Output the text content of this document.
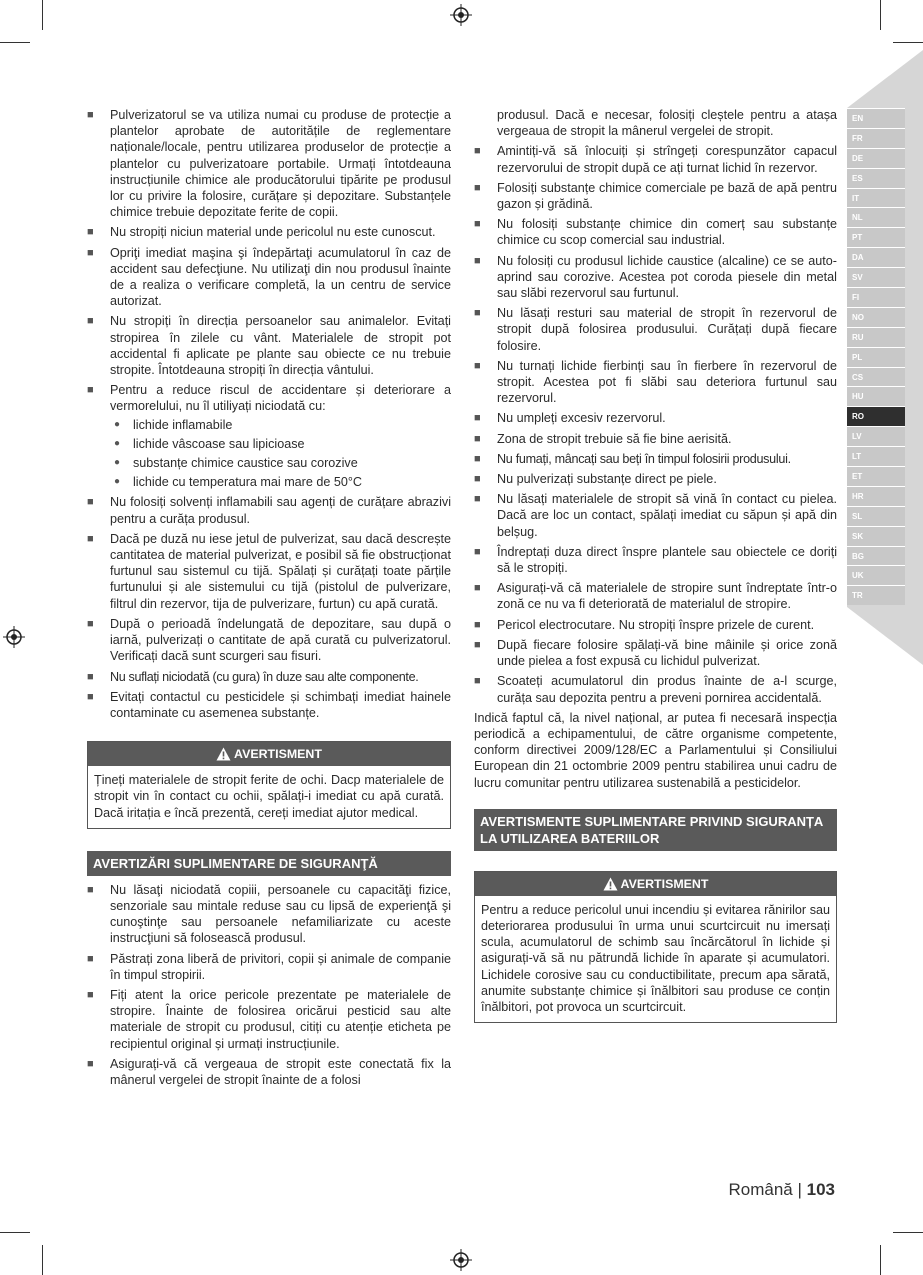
EN
FR
DE
ES
IT
NL
PT
DA
SV
FI
NO
RU
PL
CS
HU
RO
LV
LT
ET
HR
SL
SK
BG
UK
TR
■ Pulverizatorul se va utiliza numai cu produse de protecție a plantelor aprobate de autoritățile de reglementare naționale/locale, pentru utilizarea produselor de protecție a plantelor cu pulverizatoare portabile. Urmați întotdeauna instrucțiunile chimice ale producătorului tipărite pe produsul lor cu privire la folosire, curățare și depozitare. Substanțele chimice trebuie depozitate ferite de copii.
■ Nu stropiți niciun material unde pericolul nu este cunoscut.
■ Opriţi imediat maşina şi îndepărtaţi acumulatorul în caz de accident sau defecţiune. Nu utilizaţi din nou produsul înainte de a realiza o verificare completă, la un centru de service autorizat.
■ Nu stropiți în direcția persoanelor sau animalelor. Evitați stropirea în zilele cu vânt. Materialele de stropit pot accidental fi aplicate pe plante sau obiecte ce nu trebuie stropite. Întotdeauna stropiți în direcția vântului.
■ Pentru a reduce riscul de accidentare și deteriorare a vermorelului, nu îl utiliyați niciodată cu:
● lichide inflamabile
● lichide vâscoase sau lipicioase
● substanțe chimice caustice sau corozive
● lichide cu temperatura mai mare de 50°C
■ Nu folosiți solvenți inflamabili sau agenți de curățare abrazivi pentru a curăța produsul.
■ Dacă pe duză nu iese jetul de pulverizat, sau dacă descrește cantitatea de material pulverizat, e posibil să fie obstrucționat furtunul sau sistemul cu tijă. Spălați și curățați toate părțile furtunului și ale sistemului cu tijă (pistolul de pulverizare, filtrul din rezervor, tija de pulverizare, furtun) cu apă curată.
■ După o perioadă îndelungată de depozitare, sau după o iarnă, pulverizați o cantitate de apă curată cu pulverizatorul. Verificați dacă sunt scurgeri sau fisuri.
■ Nu suflați niciodată (cu gura) în duze sau alte componente.
■ Evitați contactul cu pesticidele și schimbați imediat hainele contaminate cu asemenea substanțe.
AVERTISMENT
Țineți materialele de stropit ferite de ochi. Dacp materialele de stropit vin în contact cu ochii, spălați-i imediat cu apă curată. Dacă iritația e încă prezentă, cereți imediat ajutor medical.
AVERTIZĂRI SUPLIMENTARE DE SIGURANŢĂ
■ Nu lăsaţi niciodată copiii, persoanele cu capacităţi fizice, senzoriale sau mintale reduse sau cu lipsă de experienţă şi cunoştinţe sau persoanele nefamiliarizate cu aceste instrucţiuni să folosească produsul.
■ Păstrați zona liberă de privitori, copii și animale de companie în timpul stropirii.
■ Fiți atent la orice pericole prezentate pe materialele de stropire. Înainte de folosirea oricărui pesticid sau alte materiale de stropit cu produsul, citiți cu atenție eticheta pe recipientul original și urmați instrucțiunile.
■ Asigurați-vă că vergeaua de stropit este conectată fix la mânerul vergelei de stropit înainte de a folosi
produsul. Dacă e necesar, folosiți cleștele pentru a atașa vergeaua de stropit la mânerul vergelei de stropit.
■ Amintiți-vă să înlocuiți și strîngeți corespunzător capacul rezervorului de stropit după ce ați turnat lichid în rezervor.
■ Folosiți substanțe chimice comerciale pe bază de apă pentru gazon și grădină.
■ Nu folosiți substanțe chimice din comerț sau substanțe chimice cu scop comercial sau industrial.
■ Nu folosiți cu produsul lichide caustice (alcaline) ce se auto-aprind sau corozive. Acestea pot coroda piesele din metal sau slăbi rezervorul sau furtunul.
■ Nu lăsați resturi sau material de stropit în rezervorul de stropit după folosirea produsului. Curățați după fiecare folosire.
■ Nu turnați lichide fierbinți sau în fierbere în rezervorul de stropit. Acestea pot fi slăbi sau deteriora furtunul sau rezervorul.
■ Nu umpleți excesiv rezervorul.
■ Zona de stropit trebuie să fie bine aerisită.
■ Nu fumați, mâncați sau beți în timpul folosirii produsului.
■ Nu pulverizați substanțe direct pe piele.
■ Nu lăsați materialele de stropit să vină în contact cu pielea. Dacă are loc un contact, spălați imediat cu săpun și apă din belșug.
■ Îndreptați duza direct înspre plantele sau obiectele ce doriți să le stropiți.
■ Asigurați-vă că materialele de stropire sunt îndreptate într-o zonă ce nu va fi deteriorată de materialul de stropire.
■ Pericol electrocutare. Nu stropiți înspre prizele de curent.
■ După fiecare folosire spălați-vă bine mâinile și orice zonă unde pielea a fost expusă cu lichidul pulverizat.
■ Scoateți acumulatorul din produs înainte de a-l scurge, curăța sau depozita pentru a preveni pornirea accidentală.
Indică faptul că, la nivel național, ar putea fi necesară inspecția periodică a echipamentului, de către organisme competente, conform directivei 2009/128/EC a Parlamentului și Consiliului European din 21 octombrie 2009 pentru stabilirea unui cadru de lucru comunitar pentru utilizarea sustenabilă a pesticidelor.
AVERTISMENTE SUPLIMENTARE PRIVIND SIGURANȚA LA UTILIZAREA BATERIILOR
AVERTISMENT
Pentru a reduce pericolul unui incendiu și evitarea rănirilor sau deteriorarea produsului în urma unui scurtcircuit nu imersați scula, acumulatorul de schimb sau încărcătorul în lichide și asigurați-vă să nu pătrundă lichide în aparate și acumulatori. Lichidele corosive sau cu conductibilitate, precum apa sărată, anumite substanțe chimice și înălbitori sau produse ce conțin înălbitori, pot provoca un scurtcircuit.
Română | 103
